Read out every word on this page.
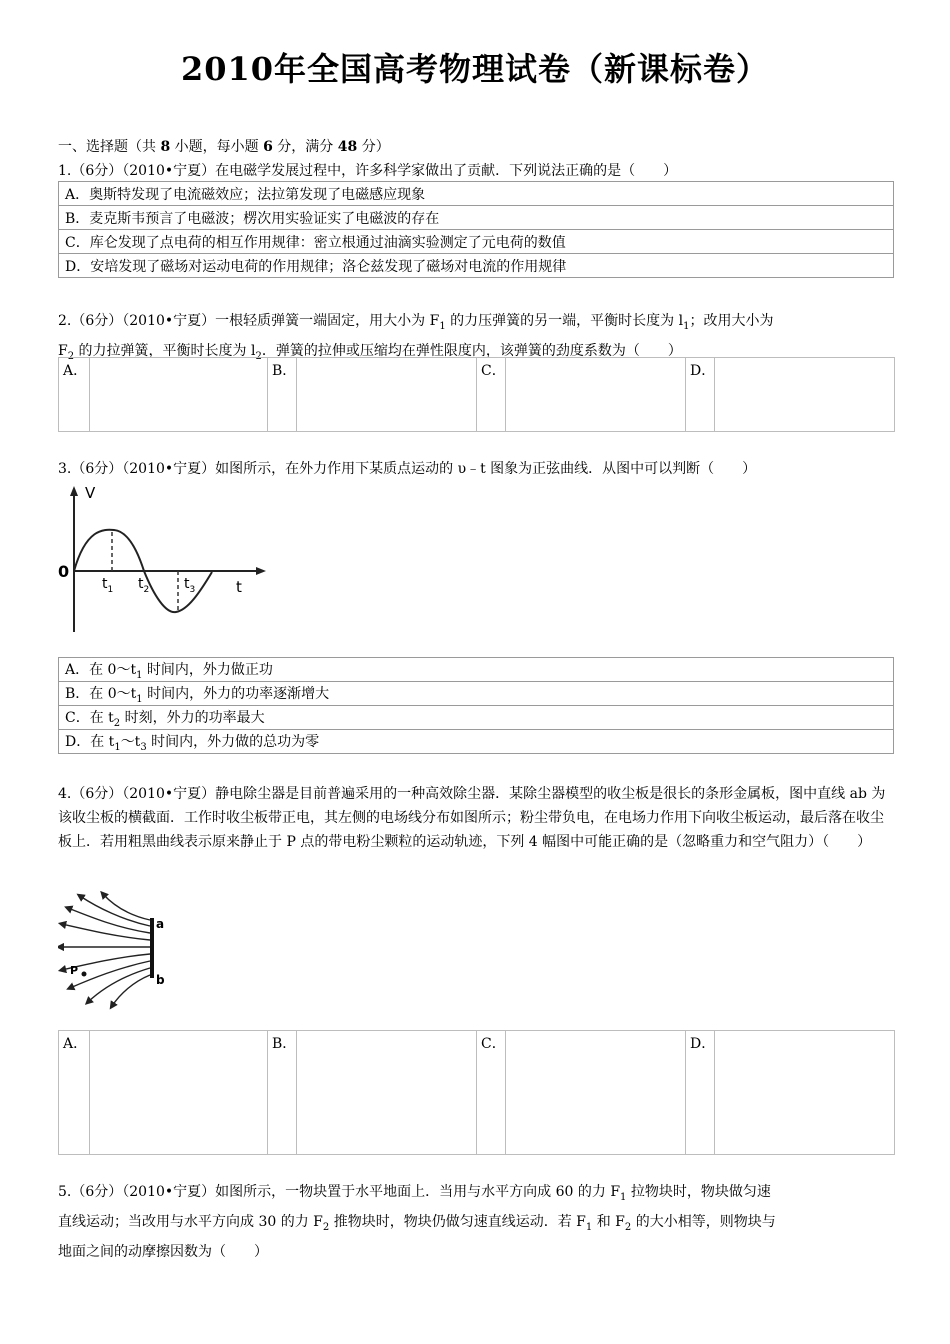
2010年全国高考物理试卷（新课标卷）
一、选择题（共 8 小题，每小题 6 分，满分 48 分）
1.（6分）（2010•宁夏）在电磁学发展过程中，许多科学家做出了贡献．下列说法正确的是（　　）
A．奥斯特发现了电流磁效应；法拉第发现了电磁感应现象
B．麦克斯韦预言了电磁波；楞次用实验证实了电磁波的存在
C．库仑发现了点电荷的相互作用规律：密立根通过油滴实验测定了元电荷的数值
D．安培发现了磁场对运动电荷的作用规律；洛仑兹发现了磁场对电流的作用规律
2.（6分）（2010•宁夏）一根轻质弹簧一端固定，用大小为 $F_1$ 的力压弹簧的另一端，平衡时长度为 $l_1$；改用大小为
$F_2$ 的力拉弹簧，平衡时长度为 $l_2$．弹簧的拉伸或压缩均在弹性限度内，该弹簧的劲度系数为（　　）
A．		B．		C．		D．	
3.（6分）（2010•宁夏）如图所示，在外力作用下某质点运动的 υ﹣t 图象为正弦曲线．从图中可以判断（　　）
V
0
$t_1$ $t_2$ $t_3$	t
A．在 $0\sim t_1$ 时间内，外力做正功
B．在 $0\sim t_1$ 时间内，外力的功率逐渐增大
C．在 $t_2$ 时刻，外力的功率最大
D．在 $t_1\sim t_3$ 时间内，外力做的总功为零
4.（6分）（2010•宁夏）静电除尘器是目前普遍采用的一种高效除尘器．某除尘器模型的收尘板是很长的条形金属板，图中直线 ab 为该收尘板的横截面．工作时收尘板带正电，其左侧的电场线分布如图所示；粉尘带负电，在电场力作用下向收尘板运动，最后落在收尘板上．若用粗黑曲线表示原来静止于 P 点的带电粉尘颗粒的运动轨迹，下列 4 幅图中可能正确的是（忽略重力和空气阻力）（　　）
a
b
P
A．		B．		C．		D．	
5.（6分）（2010•宁夏）如图所示，一物块置于水平地面上．当用与水平方向成 60 的力 $F_1$ 拉物块时，物块做匀速
直线运动；当改用与水平方向成 30 的力 $F_2$ 推物块时，物块仍做匀速直线运动．若 $F_1$ 和 $F_2$ 的大小相等，则物块与
地面之间的动摩擦因数为（　　）
